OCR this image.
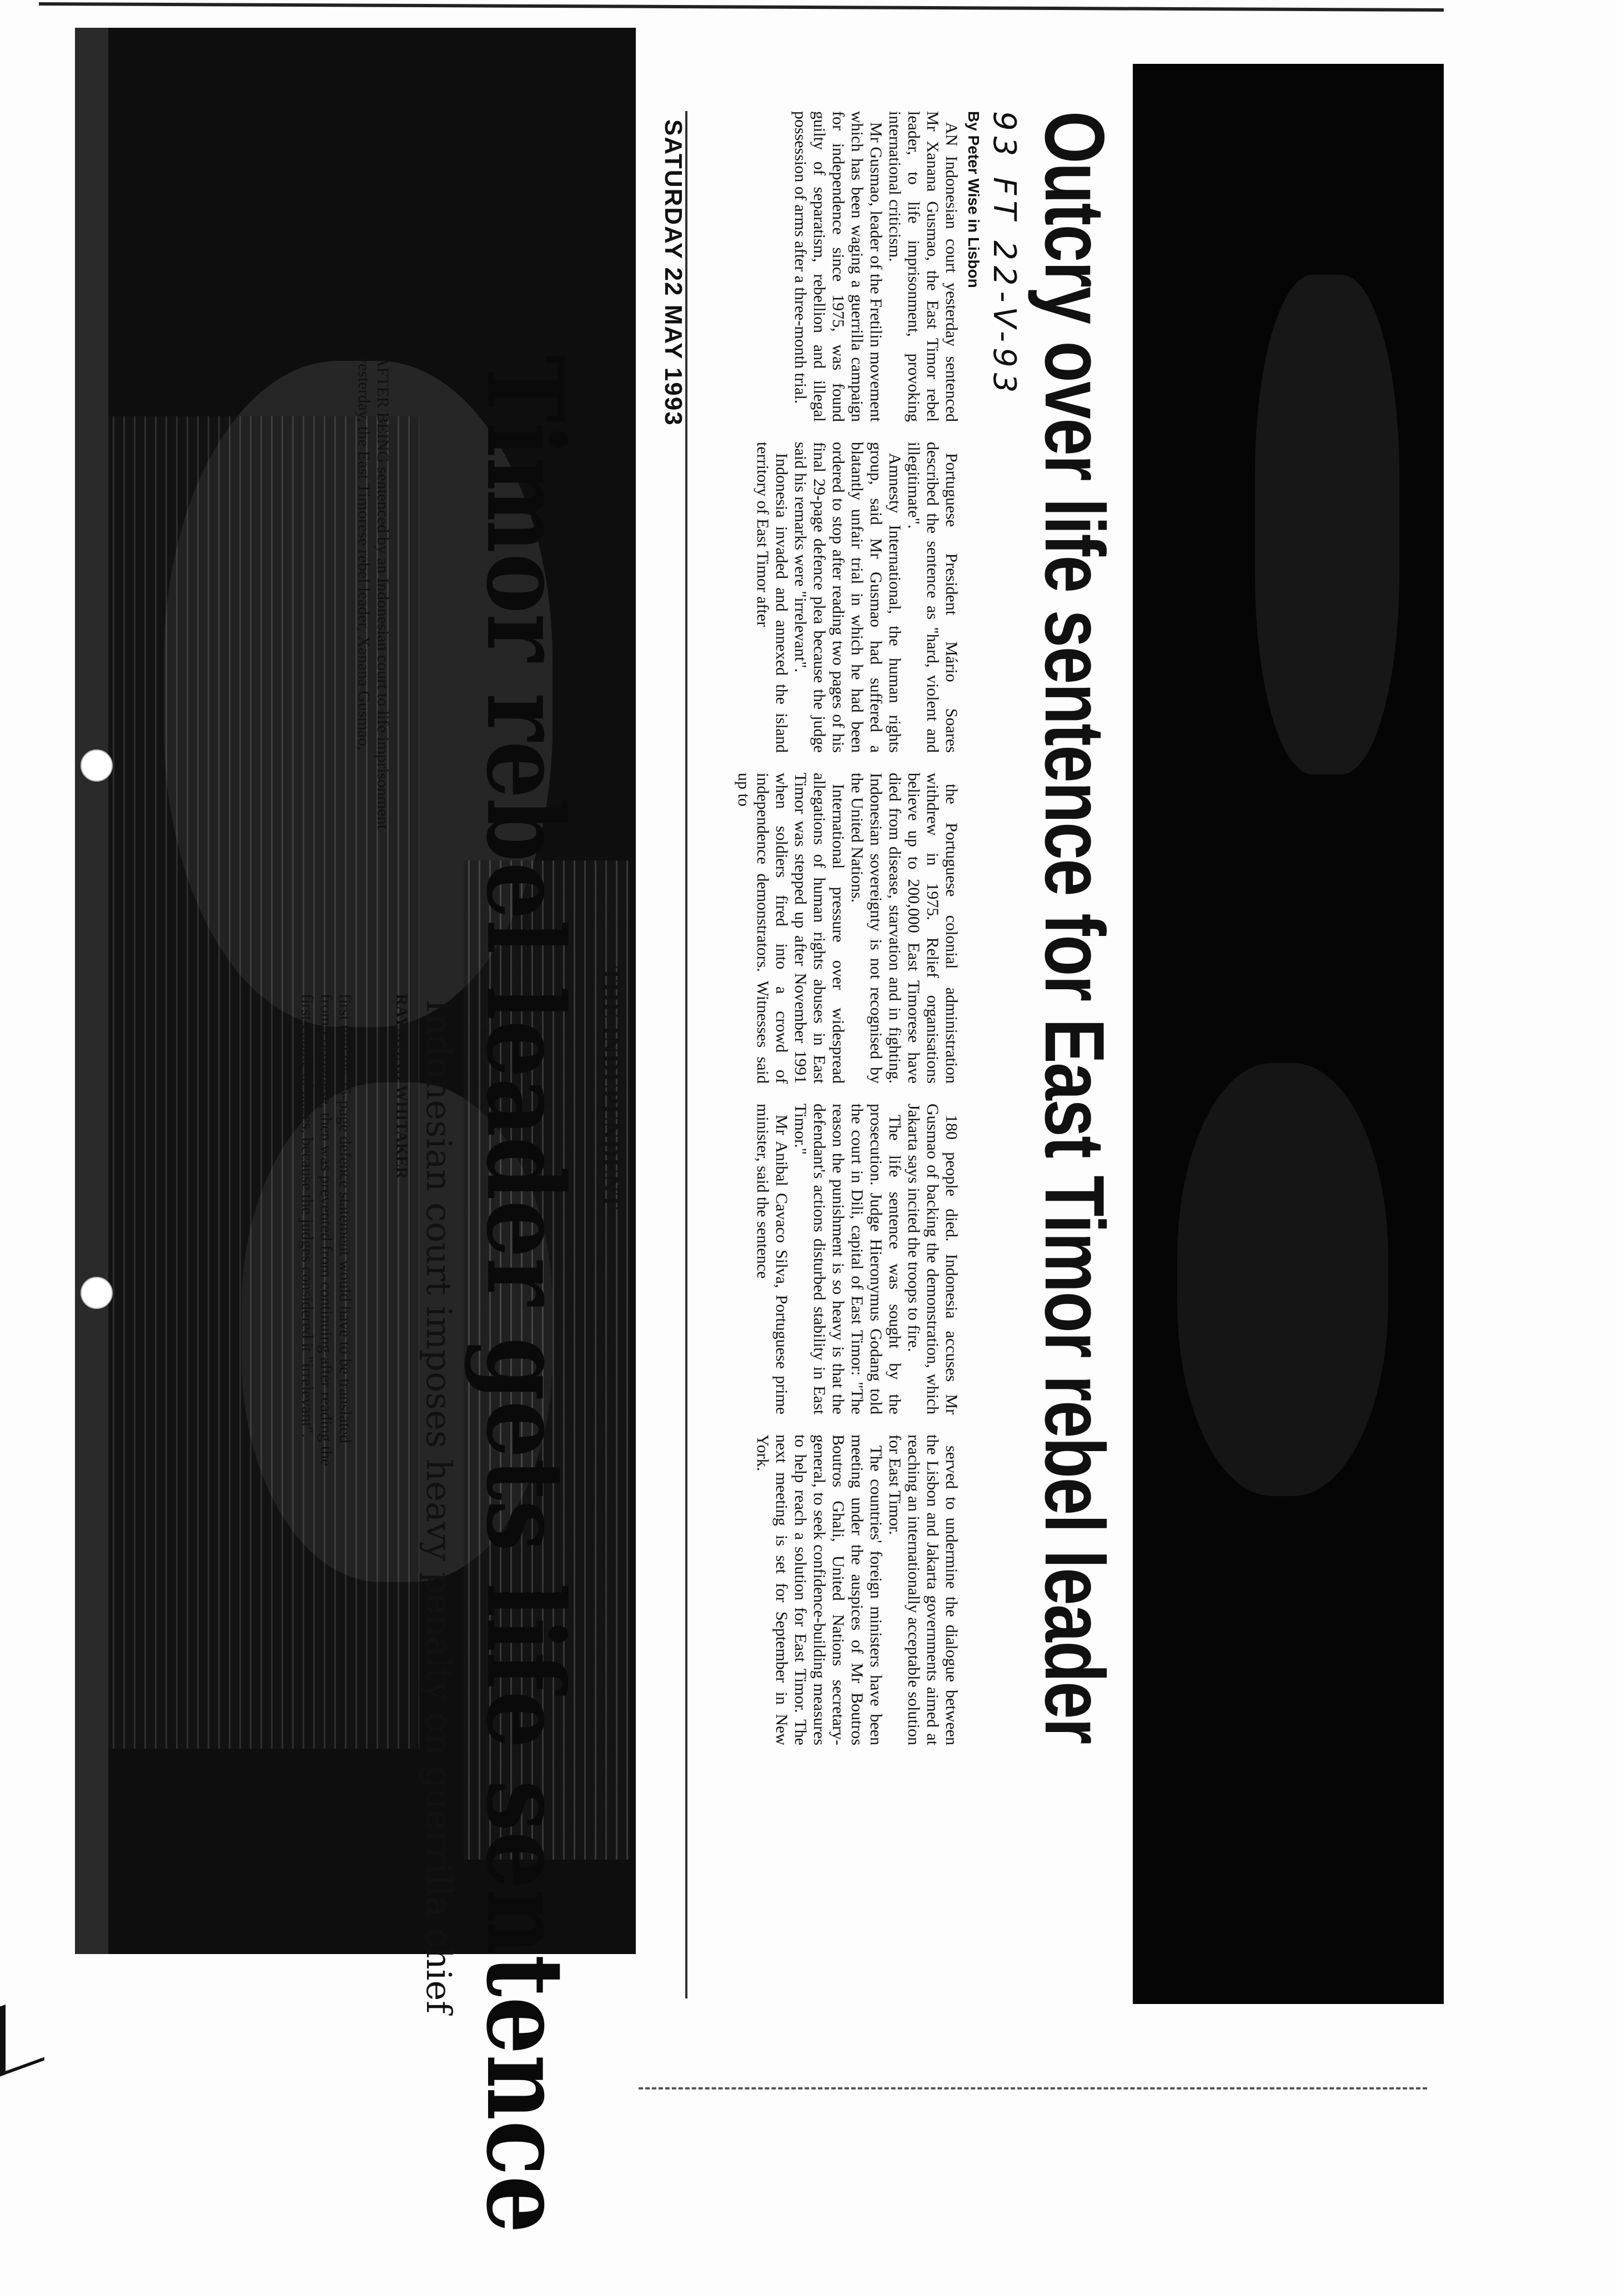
Outcry over life sentence for East Timor rebel leader
93 FT 22-V-93
By Peter Wise in Lisbon

AN Indonesian court yesterday sentenced Mr Xanana Gusmao, the East Timor rebel leader, to life imprisonment, provoking international criticism.

Mr Gusmao, leader of the Fretilin movement which has been waging a guerrilla campaign for independence since 1975, was found guilty of separatism, rebellion and illegal possession of arms after a three-month trial.

Portuguese President Mário Soares described the sentence as "hard, violent and illegitimate".

Amnesty International, the human rights group, said Mr Gusmao had suffered a blatantly unfair trial in which he had been ordered to stop after reading two pages of his final 29-page defence plea because the judge said his remarks were "irrelevant".

Indonesia invaded and annexed the island territory of East Timor after

the Portuguese colonial administration withdrew in 1975. Relief organisations believe up to 200,000 East Timorese have died from disease, starvation and in fighting. Indonesian sovereignty is not recognised by the United Nations.

International pressure over widespread allegations of human rights abuses in East Timor was stepped up after November 1991 when soldiers fired into a crowd of independence demonstrators. Witnesses said up to

180 people died. Indonesia accuses Mr Gusmao of backing the demonstration, which Jakarta says incited the troops to fire.

The life sentence was sought by the prosecution. Judge Hieronymus Godang told the court in Dili, capital of East Timor: "The reason the punishment is so heavy is that the defendant's actions disturbed stability in East Timor."

Mr Anibal Cavaco Silva, Portuguese prime minister, said the sentence

served to undermine the dialogue between the Lisbon and Jakarta governments aimed at reaching an internationally acceptable solution for East Timor.

The countries' foreign ministers have been meeting under the auspices of Mr Boutros Boutros Ghali, United Nations secretary-general, to seek confidence-building measures to help reach a solution for East Timor. The next meeting is set for September in New York.

SATURDAY 22 MAY 1993
THE INDEPENDENT
Timor rebel leader gets life sentence
Indonesian court imposes heavy penalty on guerrilla chief
RAYMOND WHITAKER
AFTER BEING sentenced by an Indonesian court to life imprisonment
yesterday, the East Timorese rebel leader, Xanana Gusmao,
first told his 25-page defence statement would have to be translated
from Portuguese, then was prevented from continuing after reading the
first couple of pages, because the judges considered it "irrelevant".
